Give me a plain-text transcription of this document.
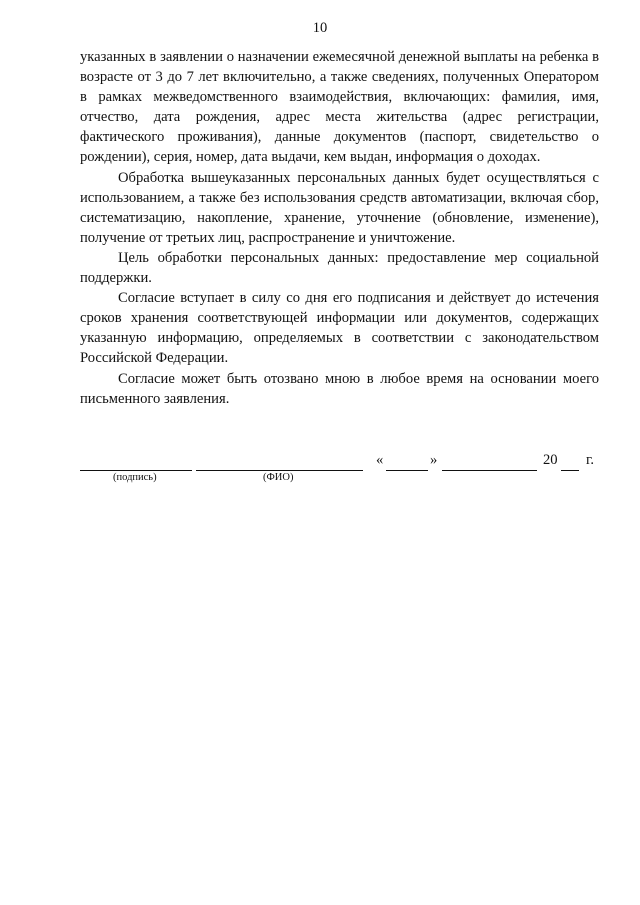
10

указанных в заявлении о назначении ежемесячной денежной выплаты на ребенка в возрасте от 3 до 7 лет включительно, а также сведениях, полученных Оператором в рамках межведомственного взаимодействия, включающих: фамилия, имя, отчество, дата рождения, адрес места жительства (адрес регистрации, фактического проживания), данные документов (паспорт, свидетельство о рождении), серия, номер, дата выдачи, кем выдан, информация о доходах.

Обработка вышеуказанных персональных данных будет осуществляться с использованием, а также без использования средств автоматизации, включая сбор, систематизацию, накопление, хранение, уточнение (обновление, изменение), получение от третьих лиц, распространение и уничтожение.

Цель обработки персональных данных: предоставление мер социальной поддержки.

Согласие вступает в силу со дня его подписания и действует до истечения сроков хранения соответствующей информации или документов, содержащих указанную информацию, определяемых в соответствии с законодательством Российской Федерации.

Согласие может быть отозвано мною в любое время на основании моего письменного заявления.

«	»	20 г.
(подпись)	(ФИО)
